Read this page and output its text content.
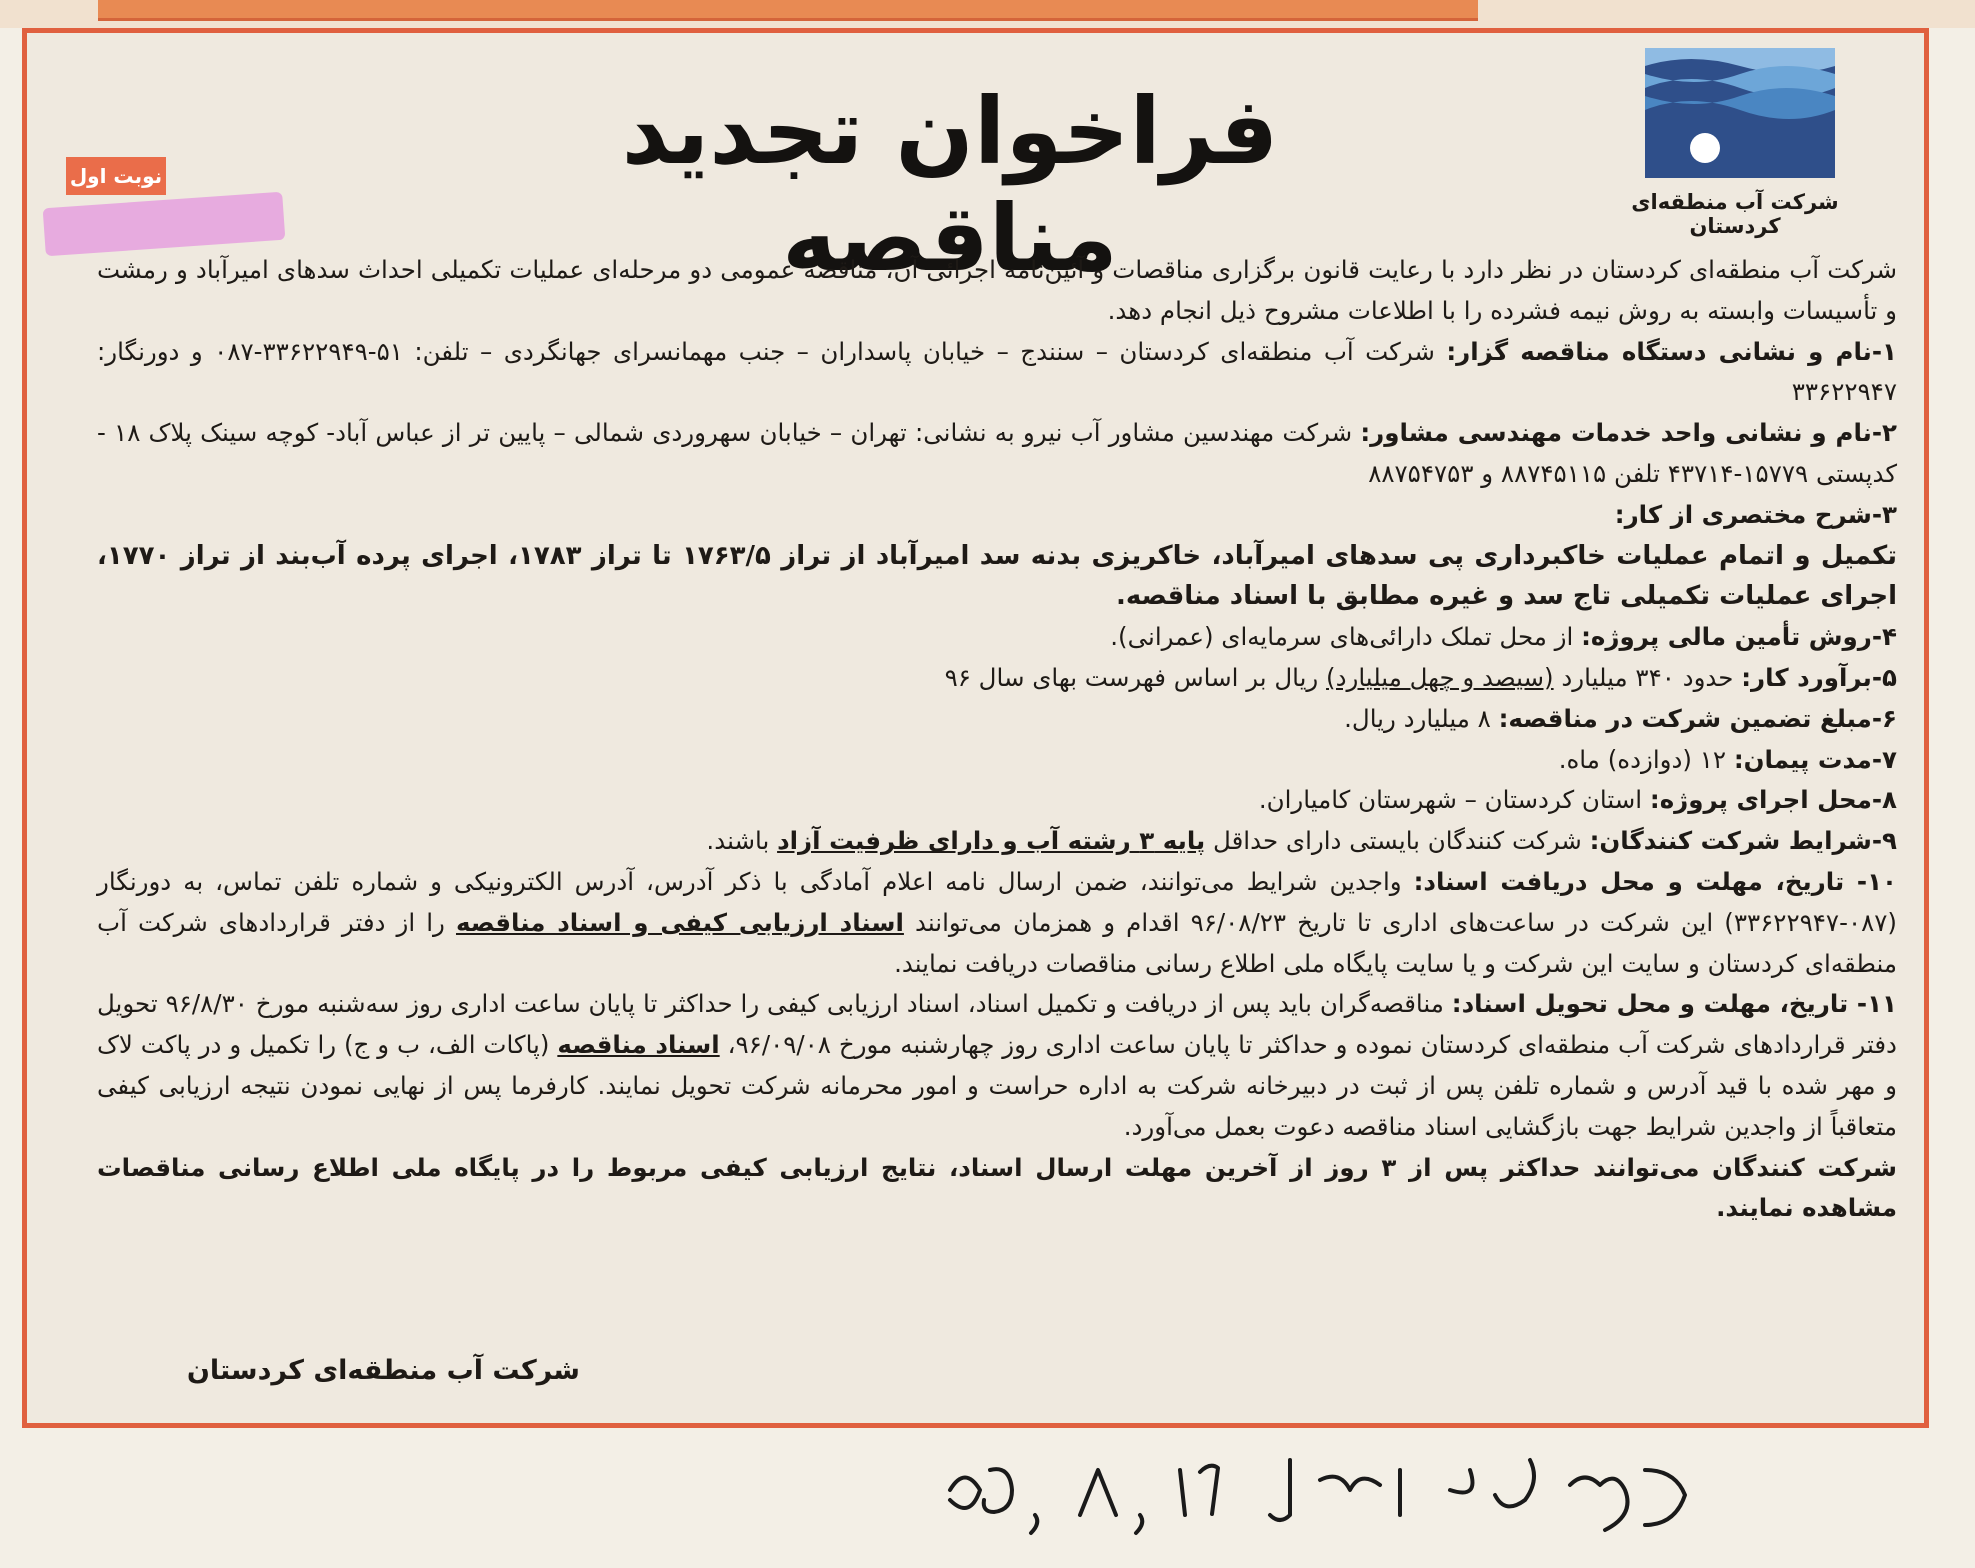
شرکت آب منطقه‌ای کردستان
فراخوان تجدید مناقصه
نوبت اول

شرکت آب منطقه‌ای کردستان در نظر دارد با رعایت قانون برگزاری مناقصات و آئین‌نامه اجرائی آن، مناقصه عمومی دو مرحله‌ای عملیات تکمیلی احداث سدهای امیرآباد و رمشت و تأسیسات وابسته به روش نیمه فشرده را با اطلاعات مشروح ذیل انجام دهد.

۱-نام و نشانی دستگاه مناقصه گزار: شرکت آب منطقه‌ای کردستان – سنندج – خیابان پاسداران – جنب مهمانسرای جهانگردی – تلفن: ۵۱-۳۳۶۲۲۹۴۹-۰۸۷ و دورنگار: ۳۳۶۲۲۹۴۷

۲-نام و نشانی واحد خدمات مهندسی مشاور: شرکت مهندسین مشاور آب نیرو به نشانی: تهران – خیابان سهروردی شمالی – پایین تر از عباس آباد- کوچه سینک پلاک ۱۸ - کدپستی ۱۵۷۷۹-۴۳۷۱۴ تلفن ۸۸۷۴۵۱۱۵ و ۸۸۷۵۴۷۵۳

۳-شرح مختصری از کار:

تکمیل و اتمام عملیات خاکبرداری پی سدهای امیرآباد، خاکریزی بدنه سد امیرآباد از تراز ۱۷۶۳/۵ تا تراز ۱۷۸۳، اجرای پرده آب‌بند از تراز ۱۷۷۰، اجرای عملیات تکمیلی تاج سد و غیره مطابق با اسناد مناقصه.

۴-روش تأمین مالی پروژه: از محل تملک دارائی‌های سرمایه‌ای (عمرانی).

۵-برآورد کار: حدود ۳۴۰ میلیارد (سیصد و چهل میلیارد) ریال بر اساس فهرست بهای سال ۹۶

۶-مبلغ تضمین شرکت در مناقصه: ۸ میلیارد ریال.

۷-مدت پیمان: ۱۲ (دوازده) ماه.

۸-محل اجرای پروژه: استان کردستان – شهرستان کامیاران.

۹-شرایط شرکت کنندگان: شرکت کنندگان بایستی دارای حداقل پایه ۳ رشته آب و دارای ظرفیت آزاد باشند.

۱۰- تاریخ، مهلت و محل دریافت اسناد: واجدین شرایط می‌توانند، ضمن ارسال نامه اعلام آمادگی با ذکر آدرس، آدرس الکترونیکی و شماره تلفن تماس، به دورنگار (۰۸۷-۳۳۶۲۲۹۴۷) این شرکت در ساعت‌های اداری تا تاریخ ۹۶/۰۸/۲۳ اقدام و همزمان می‌توانند اسناد ارزیابی کیفی و اسناد مناقصه را از دفتر قراردادهای شرکت آب منطقه‌ای کردستان و سایت این شرکت و یا سایت پایگاه ملی اطلاع رسانی مناقصات دریافت نمایند.

۱۱- تاریخ، مهلت و محل تحویل اسناد: مناقصه‌گران باید پس از دریافت و تکمیل اسناد، اسناد ارزیابی کیفی را حداکثر تا پایان ساعت اداری روز سه‌شنبه مورخ ۹۶/۸/۳۰ تحویل دفتر قراردادهای شرکت آب منطقه‌ای کردستان نموده و حداکثر تا پایان ساعت اداری روز چهارشنبه مورخ ۹۶/۰۹/۰۸، اسناد مناقصه (پاکات الف، ب و ج) را تکمیل و در پاکت لاک و مهر شده با قید آدرس و شماره تلفن پس از ثبت در دبیرخانه شرکت به اداره حراست و امور محرمانه شرکت تحویل نمایند. کارفرما پس از نهایی نمودن نتیجه ارزیابی کیفی متعاقباً از واجدین شرایط جهت بازگشایی اسناد مناقصه دعوت بعمل می‌آورد.

شرکت کنندگان می‌توانند حداکثر پس از ۳ روز از آخرین مهلت ارسال اسناد، نتایج ارزیابی کیفی مربوط را در پایگاه ملی اطلاع رسانی مناقصات مشاهده نمایند.

شرکت آب منطقه‌ای کردستان
